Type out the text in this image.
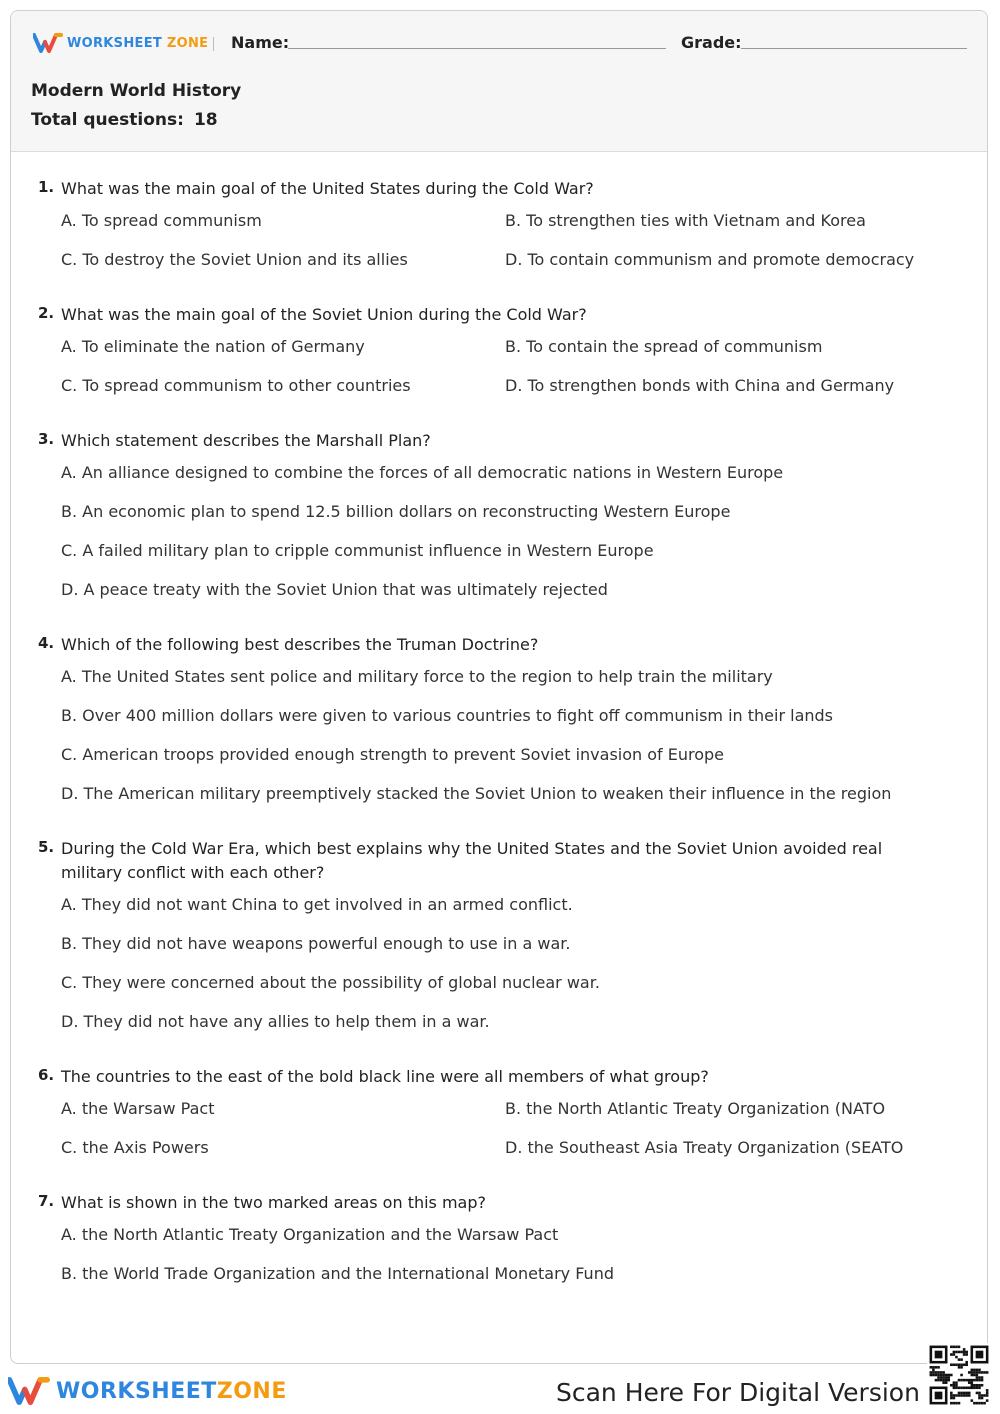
WORKSHEET ZONE Name:	Grade:
Modern World History
Total questions: 18
1. What was the main goal of the United States during the Cold War?
A. To spread communism	B. To strengthen ties with Vietnam and Korea
C. To destroy the Soviet Union and its allies	D. To contain communism and promote democracy
2. What was the main goal of the Soviet Union during the Cold War?
A. To eliminate the nation of Germany	B. To contain the spread of communism
C. To spread communism to other countries	D. To strengthen bonds with China and Germany
3. Which statement describes the Marshall Plan?
A. An alliance designed to combine the forces of all democratic nations in Western Europe
B. An economic plan to spend 12.5 billion dollars on reconstructing Western Europe
C. A failed military plan to cripple communist influence in Western Europe
D. A peace treaty with the Soviet Union that was ultimately rejected
4. Which of the following best describes the Truman Doctrine?
A. The United States sent police and military force to the region to help train the military
B. Over 400 million dollars were given to various countries to fight off communism in their lands
C. American troops provided enough strength to prevent Soviet invasion of Europe
D. The American military preemptively stacked the Soviet Union to weaken their influence in the region
5. During the Cold War Era, which best explains why the United States and the Soviet Union avoided real military conflict with each other?
A. They did not want China to get involved in an armed conflict.
B. They did not have weapons powerful enough to use in a war.
C. They were concerned about the possibility of global nuclear war.
D. They did not have any allies to help them in a war.
6. The countries to the east of the bold black line were all members of what group?
A. the Warsaw Pact	B. the North Atlantic Treaty Organization (NATO
C. the Axis Powers	D. the Southeast Asia Treaty Organization (SEATO
7. What is shown in the two marked areas on this map?
A. the North Atlantic Treaty Organization and the Warsaw Pact
B. the World Trade Organization and the International Monetary Fund
WORKSHEETZONE	Scan Here For Digital Version
